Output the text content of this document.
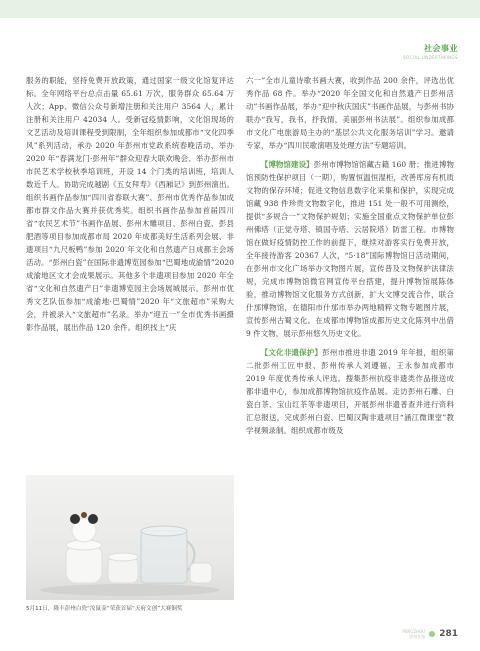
社会事业
SOCIAL UNDERTAKINGS

服务的职能，坚持免费开放政策，通过国家一级文化馆复评达标。全年网络平台总点击量 65.61 万次，服务群众 65.64 万人次；App、微信公众号新增注册和关注用户 3564 人，累计注册和关注用户 42034 人。受新冠疫情影响，文化馆现场的文艺活动及培训课程受到限制，全年组织参加成都市“文化四季风”系列活动，承办 2020 年彭州市党政系统春晚活动、举办 2020 年“春满龙门·彭州年”群众迎春大联欢晚会、举办彭州市市民艺术学校秋季培训班，开设 14 个门类的培训班，培训人数近千人。协助完成越剧《五女拜寿》《西厢记》到彭州演出。组织书画作品参加“四川省春联大赛”、彭州市优秀作品参加成都市群文作品大赛并获优秀奖。组织书画作品参加首届四川省“农民艺术节”书画作品展、彭州木雕项目、彭州白瓷、彭县肥酒等项目参加成都市局 2020 年成都美好生活系列会展、非遗项目“九尺板鸭”参加 2020 年文化和自然遗产日成都主会场活动。“彭州白瓷”在国际非遗博览园参加“巴蜀地成渝情”2020 成渝地区文才会成果展示。其他多个非遗项目参加 2020 年全省“文化和自然遗产日”非遗博览园主会场展城展示。彭州市优秀文艺队伍参加“成渝地·巴蜀情”2020 年“文旅超市”采购大会，并被录入“文旅超市”名录。举办“迎五一”全市优秀书画摄影作品展，展出作品 120 余件。组织找上“庆

六一”全市儿童诗歌书画大赛，收到作品 200 余件，评选出优秀作品 68 件。举办“2020 年全国文化和自然遗产日彭州活动”书画作品展，举办“迎中秋庆国庆”书画作品展，与彭州书协联办“我写，我书，抒我情，美丽彭州书法展”。组织参加成都市文化广电旅游局主办的“基层公共文化服务培训”学习。邀请专家，举办“四川民歌演唱及处理方法”专题培训。

【博物馆建设】彭州市博物馆馆藏古籍 160 册；推进博物馆预防性保护项目（一期），购置恒温恒湿柜，改善库房有机质文物的保存环境；促进文物信息数字化采集和保护，实现完成馆藏 938 件珍贵文物数字化，推进 151 处一般不可用测绘，提供“多规合一”文物保护规划；实施全国重点文物保护单位彭州佛塔（正觉寺塔、镇国寺塔、云居院塔）防雷工程。市博物馆在做好疫情防控工作的前提下，继续对游客实行免费开放，全年接待游客 20367 人次，“5·18”国际博物馆日活动期间，在彭州市文化广场举办文物图片展，宣传普及文物保护法律法规，完成市博物馆微官网宣传平台搭建，提升博物馆展陈体验，推动博物馆文化服务方式创新，扩大文博交流合作，联合什邡博物馆，在德阳市什邡市举办两地精粹文物专题图片展，宣传彭州古蜀文化。在成都市博物馆成都历史文化陈列中出借 9 件文物，展示彭州悠久历史文化。

【文化非遗保护】彭州市推进非遗 2019 年年报，组织第二批彭州工匠申报、彭州传承人刘遵福、王永参加成都市 2019 年度优秀传承人评选。搜集彭州抗疫非遗类作品报送成都非遗中心，参加成都博物馆抗疫作品展。走访彭州石雕、白瓷白茶、宝山红茶等非遗项目，开展彭州非遗普查并进行资料汇总报送，完成彭州白瓷、巴蜀汉陶非遗项目“涵江微课堂”教学视频录制。组织成都市级及

5月11日，隆丰彭州白瓷“汝鼠壶”荣获首届“天府文创”大赛铜奖
PENGZHOU
彭州年鉴 281
